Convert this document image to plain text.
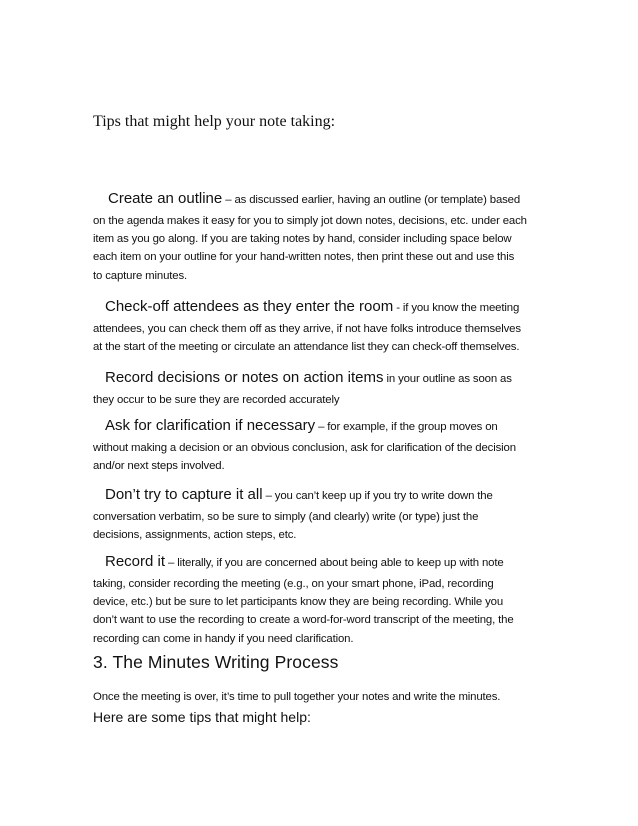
Tips that might help your note taking:

Create an outline – as discussed earlier, having an outline (or template) based
on the agenda makes it easy for you to simply jot down notes, decisions, etc. under each
item as you go along. If you are taking notes by hand, consider including space below
each item on your outline for your hand-written notes, then print these out and use this
to capture minutes.

Check-off attendees as they enter the room - if you know the meeting
attendees, you can check them off as they arrive, if not have folks introduce themselves
at the start of the meeting or circulate an attendance list they can check-off themselves.

Record decisions or notes on action items in your outline as soon as
they occur to be sure they are recorded accurately

Ask for clarification if necessary – for example, if the group moves on
without making a decision or an obvious conclusion, ask for clarification of the decision
and/or next steps involved.

Don’t try to capture it all – you can’t keep up if you try to write down the
conversation verbatim, so be sure to simply (and clearly) write (or type) just the
decisions, assignments, action steps, etc.

Record it – literally, if you are concerned about being able to keep up with note
taking, consider recording the meeting (e.g., on your smart phone, iPad, recording
device, etc.) but be sure to let participants know they are being recording. While you
don’t want to use the recording to create a word-for-word transcript of the meeting, the
recording can come in handy if you need clarification.

3. The Minutes Writing Process

Once the meeting is over, it’s time to pull together your notes and write the minutes.
Here are some tips that might help:
